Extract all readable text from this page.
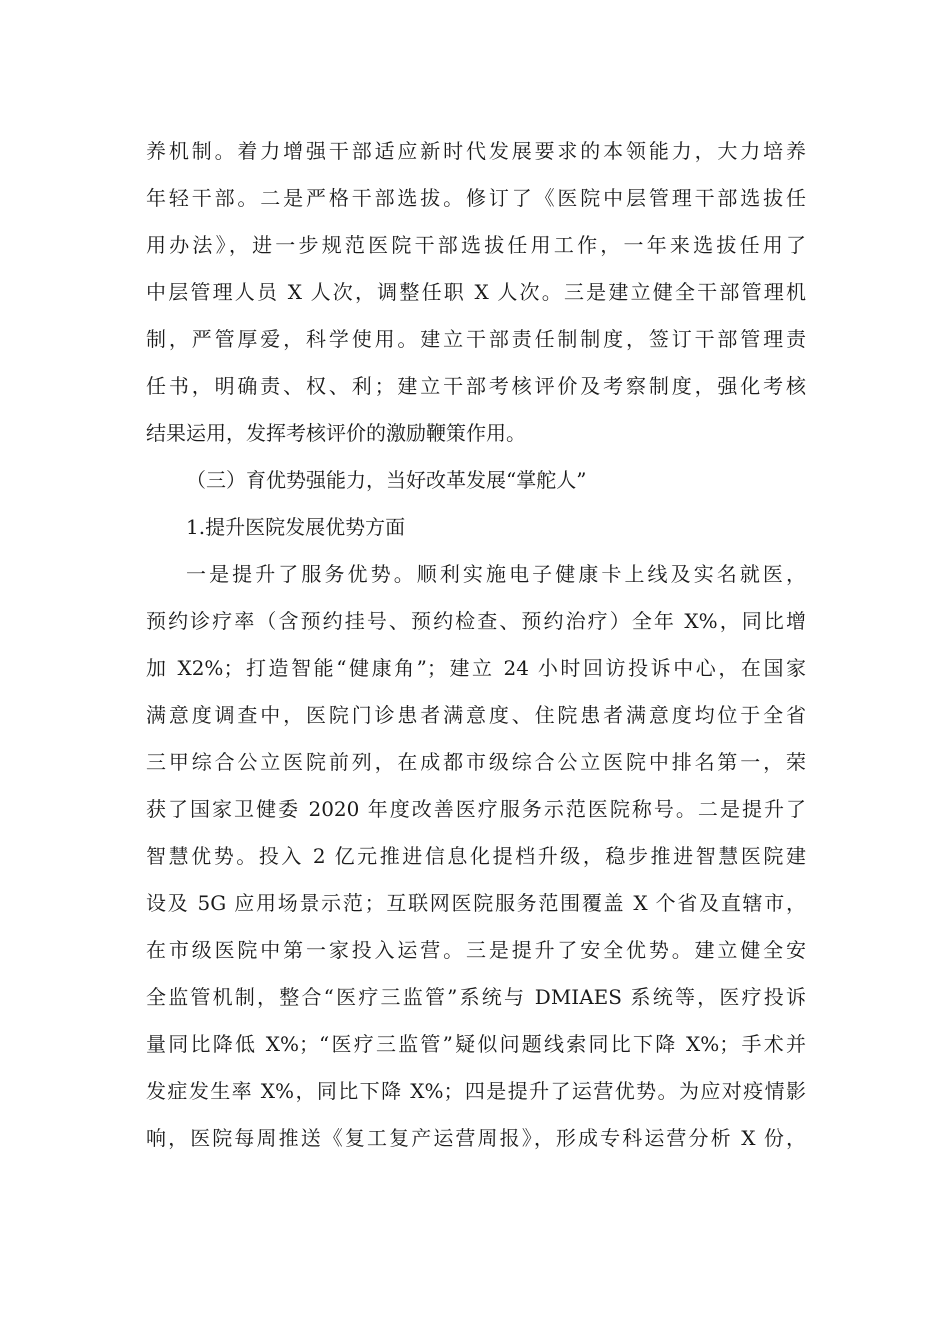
养机制。着力增强干部适应新时代发展要求的本领能力，大力培养
年轻干部。二是严格干部选拔。修订了《医院中层管理干部选拔任
用办法》，进一步规范医院干部选拔任用工作，一年来选拔任用了
中层管理人员 X 人次，调整任职 X 人次。三是建立健全干部管理机
制，严管厚爱，科学使用。建立干部责任制制度，签订干部管理责
任书，明确责、权、利；建立干部考核评价及考察制度，强化考核
结果运用，发挥考核评价的激励鞭策作用。
（三）育优势强能力，当好改革发展“掌舵人”
1.提升医院发展优势方面
一是提升了服务优势。顺利实施电子健康卡上线及实名就医，
预约诊疗率（含预约挂号、预约检查、预约治疗）全年 X%，同比增
加 X2%；打造智能“健康角”；建立 24 小时回访投诉中心，在国家
满意度调查中，医院门诊患者满意度、住院患者满意度均位于全省
三甲综合公立医院前列，在成都市级综合公立医院中排名第一，荣
获了国家卫健委 2020 年度改善医疗服务示范医院称号。二是提升了
智慧优势。投入 2 亿元推进信息化提档升级，稳步推进智慧医院建
设及 5G 应用场景示范；互联网医院服务范围覆盖 X 个省及直辖市，
在市级医院中第一家投入运营。三是提升了安全优势。建立健全安
全监管机制，整合“医疗三监管”系统与 DMIAES 系统等，医疗投诉
量同比降低 X%；“医疗三监管”疑似问题线索同比下降 X%；手术并
发症发生率 X%，同比下降 X%；四是提升了运营优势。为应对疫情影
响，医院每周推送《复工复产运营周报》，形成专科运营分析 X 份，
